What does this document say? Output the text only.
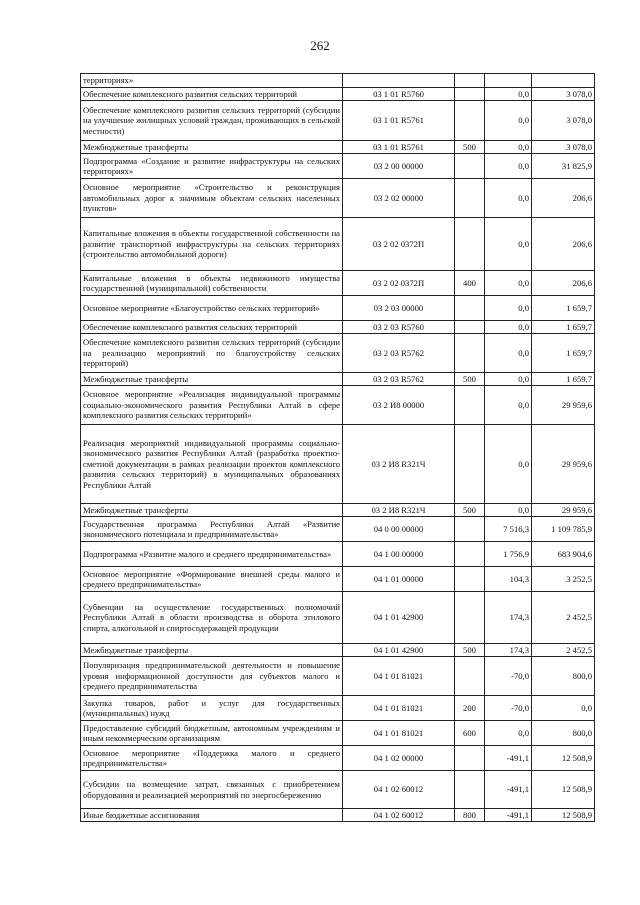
262
территориях»				
Обеспечение комплексного развития сельских территорий	03 1 01 R5760		0,0	3 078,0
Обеспечение комплексного развития сельских территорий (субсидии на улучшение жилищных условий граждан, проживающих в сельской местности)	03 1 01 R5761		0,0	3 078,0
Межбюджетные трансферты	03 1 01 R5761	500	0,0	3 078,0
Подпрограмма «Создание и развитие инфраструктуры на сельских территориях»	03 2 00 00000		0,0	31 825,9
Основное мероприятие «Строительство и реконструкция автомобильных дорог к значимым объектам сельских населенных пунктов»	03 2 02 00000		0,0	206,6
Капитальные вложения в объекты государственной собственности на развитие транспортной инфраструктуры на сельских территориях (строительство автомобильной дороги)	03 2 02 0372П		0,0	206,6
Капитальные вложения в объекты недвижимого имущества государственной (муниципальной) собственности	03 2 02 0372П	400	0,0	206,6
Основное мероприятие «Благоустройство сельских территорий»	03 2 03 00000		0,0	1 659,7
Обеспечение комплексного развития сельских территорий	03 2 03 R5760		0,0	1 659,7
Обеспечение комплексного развития сельских территорий (субсидии на реализацию мероприятий по благоустройству сельских территорий)	03 2 03 R5762		0,0	1 659,7
Межбюджетные трансферты	03 2 03 R5762	500	0,0	1 659,7
Основное мероприятие «Реализация индивидуальной программы социально-экономического развития Республики Алтай в сфере комплексного развития сельских территорий»	03 2 И8 00000		0,0	29 959,6
Реализация мероприятий индивидуальной программы социально-экономического развития Республики Алтай (разработка проектно-сметной документации в рамках реализации проектов комплексного развития сельских территорий) в муниципальных образованиях Республики Алтай	03 2 И8 R321Ч		0,0	29 959,6
Межбюджетные трансферты	03 2 И8 R321Ч	500	0,0	29 959,6
Государственная программа Республики Алтай «Развитие экономического потенциала и предпринимательства»	04 0 00 00000		7 516,3	1 109 785,9
Подпрограмма «Развитие малого и среднего предпринимательства»	04 1 00 00000		1 756,9	683 904,6
Основное мероприятие «Формирование внешней среды малого и среднего предпринимательства»	04 1 01 00000		104,3	3 252,5
Субвенции на осуществление государственных полномочий Республики Алтай в области производства и оборота этилового спирта, алкогольной и спиртосодержащей продукции	04 1 01 42900		174,3	2 452,5
Межбюджетные трансферты	04 1 01 42900	500	174,3	2 452,5
Популяризация предпринимательской деятельности и повышение уровня информационной доступности для субъектов малого и среднего предпринимательства	04 1 01 81021		-70,0	800,0
Закупка товаров, работ и услуг для государственных (муниципальных) нужд	04 1 01 81021	200	-70,0	0,0
Предоставление субсидий бюджетным, автономным учреждениям и иным некоммерческим организациям	04 1 01 81021	600	0,0	800,0
Основное мероприятие «Поддержка малого и среднего предпринимательства»	04 1 02 00000		-491,1	12 508,9
Субсидии на возмещение затрат, связанных с приобретением оборудования и реализацией мероприятий по энергосбережению	04 1 02 60012		-491,1	12 508,9
Иные бюджетные ассигнования	04 1 02 60012	800	-491,1	12 508,9
